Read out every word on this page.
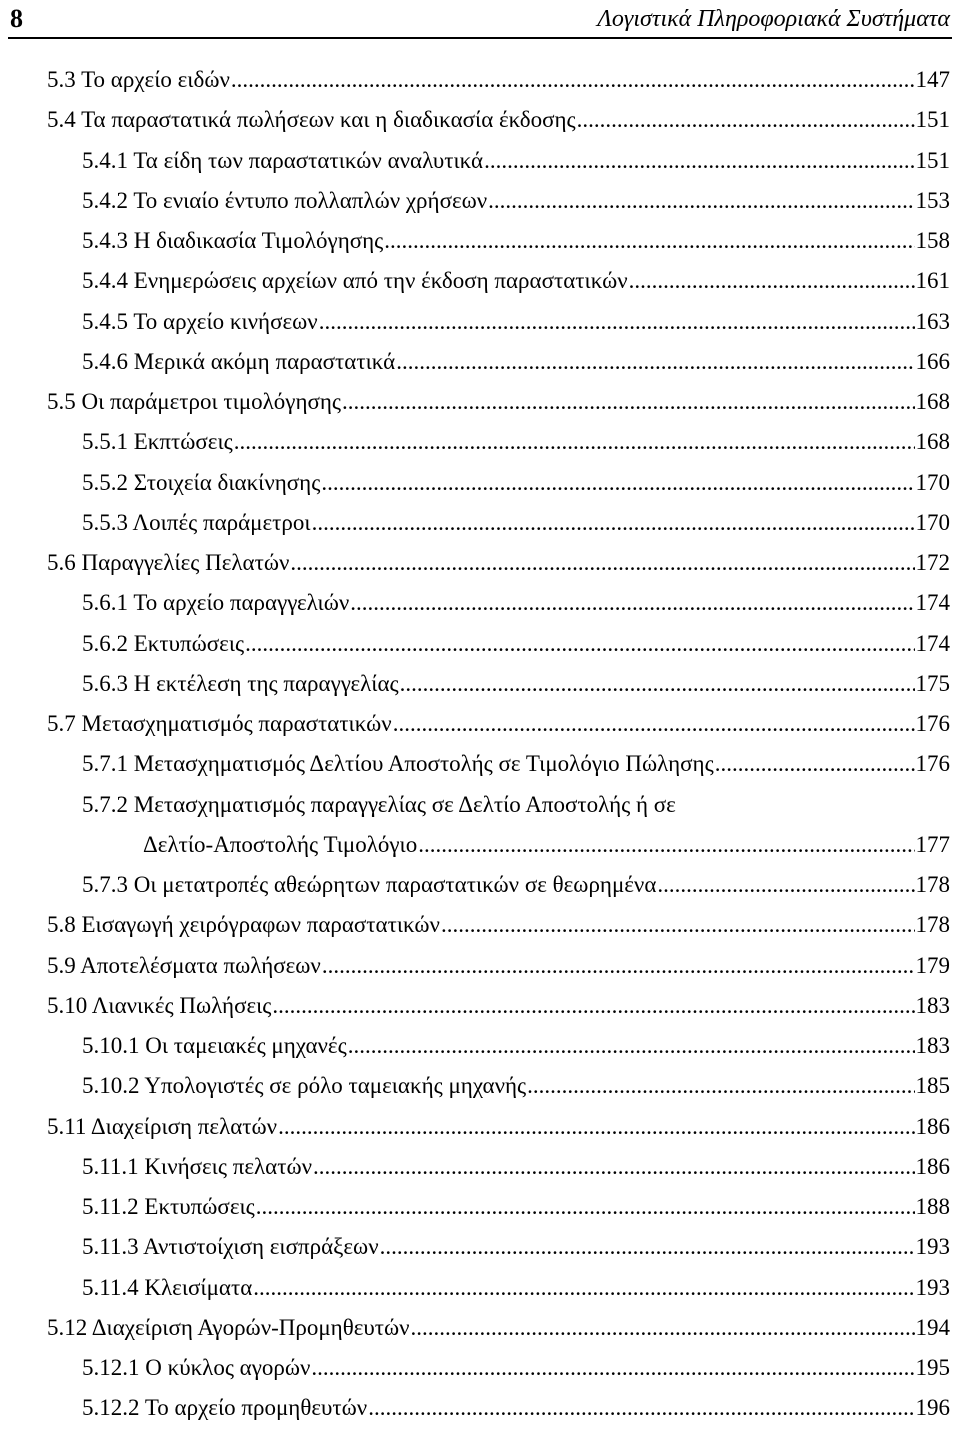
8	Λογιστικά Πληροφοριακά Συστήματα
5.3 Το αρχείο ειδών .....	147
5.4 Τα παραστατικά πωλήσεων και η διαδικασία έκδοσης .....	151
5.4.1 Τα είδη των παραστατικών αναλυτικά .....	151
5.4.2 Το ενιαίο έντυπο πολλαπλών χρήσεων .....	153
5.4.3 Η διαδικασία Τιμολόγησης .....	158
5.4.4 Ενημερώσεις αρχείων από την έκδοση παραστατικών .....	161
5.4.5 Το αρχείο κινήσεων .....	163
5.4.6 Μερικά ακόμη παραστατικά .....	166
5.5 Οι παράμετροι τιμολόγησης .....	168
5.5.1 Εκπτώσεις .....	168
5.5.2 Στοιχεία διακίνησης .....	170
5.5.3 Λοιπές παράμετροι .....	170
5.6 Παραγγελίες Πελατών .....	172
5.6.1 Το αρχείο παραγγελιών .....	174
5.6.2 Εκτυπώσεις .....	174
5.6.3 Η εκτέλεση της παραγγελίας .....	175
5.7 Μετασχηματισμός παραστατικών .....	176
5.7.1 Μετασχηματισμός Δελτίου Αποστολής σε Τιμολόγιο Πώλησης .....	176
5.7.2 Μετασχηματισμός παραγγελίας σε Δελτίο Αποστολής ή σε
Δελτίο-Αποστολής Τιμολόγιο .....	177
5.7.3 Οι μετατροπές αθεώρητων παραστατικών σε θεωρημένα .....	178
5.8 Εισαγωγή χειρόγραφων παραστατικών .....	178
5.9 Αποτελέσματα πωλήσεων .....	179
5.10 Λιανικές Πωλήσεις .....	183
5.10.1 Οι ταμειακές μηχανές .....	183
5.10.2 Υπολογιστές σε ρόλο ταμειακής μηχανής .....	185
5.11 Διαχείριση πελατών .....	186
5.11.1 Κινήσεις πελατών .....	186
5.11.2 Εκτυπώσεις .....	188
5.11.3 Αντιστοίχιση εισπράξεων .....	193
5.11.4 Κλεισίματα .....	193
5.12 Διαχείριση Αγορών-Προμηθευτών .....	194
5.12.1 Ο κύκλος αγορών .....	195
5.12.2 Το αρχείο προμηθευτών .....	196
